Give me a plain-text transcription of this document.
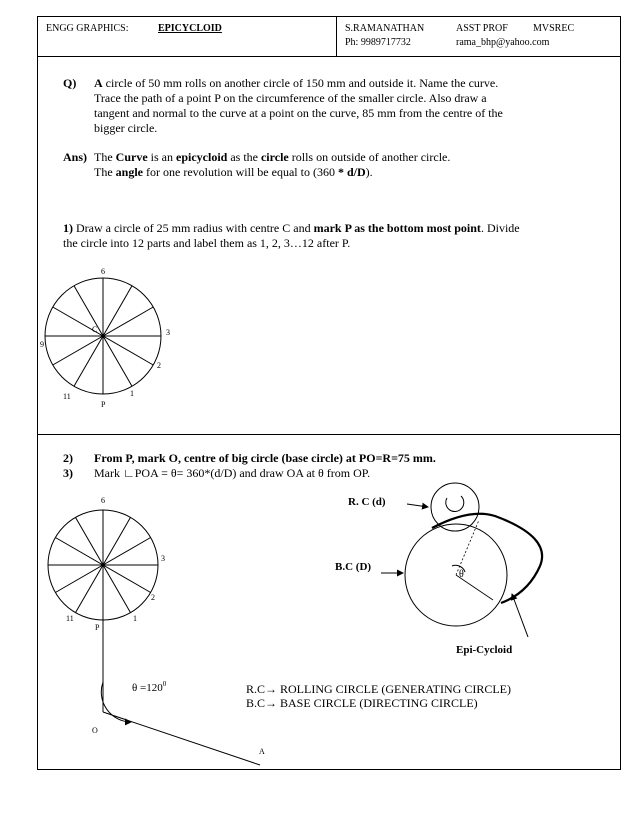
ENGG GRAPHICS:	EPICYCLOID	S.RAMANATHAN
Ph: 9989717732
ASST PROF	MVSREC
rama_bhp@yahoo.com
Q) A circle of 50 mm rolls on another circle of 150 mm and outside it. Name the curve.
Trace the path of a point P on the circumference of the smaller circle. Also draw a
tangent and normal to the curve at a point on the curve, 85 mm from the centre of the
bigger circle.
Ans) The Curve is an epicycloid as the circle rolls on outside of another circle.
The angle for one revolution will be equal to (360 * d/D).
1) Draw a circle of 25 mm radius with centre C and mark P as the bottom most point. Divide
the circle into 12 parts and label them as 1, 2, 3…12 after P.
2) From P, mark O, centre of big circle (base circle) at PO=R=75 mm.
3) Mark ∟POA = θ= 360*(d/D) and draw OA at θ from OP.
6
C	3
9
2
11	1
P
6
3
2
11	1
P
O
A
$\theta =120^0$
R. C (d)
B.C (D)
Epi-Cycloid
θ
R.C→ ROLLING CIRCLE (GENERATING CIRCLE)
B.C→ BASE CIRCLE (DIRECTING CIRCLE)
